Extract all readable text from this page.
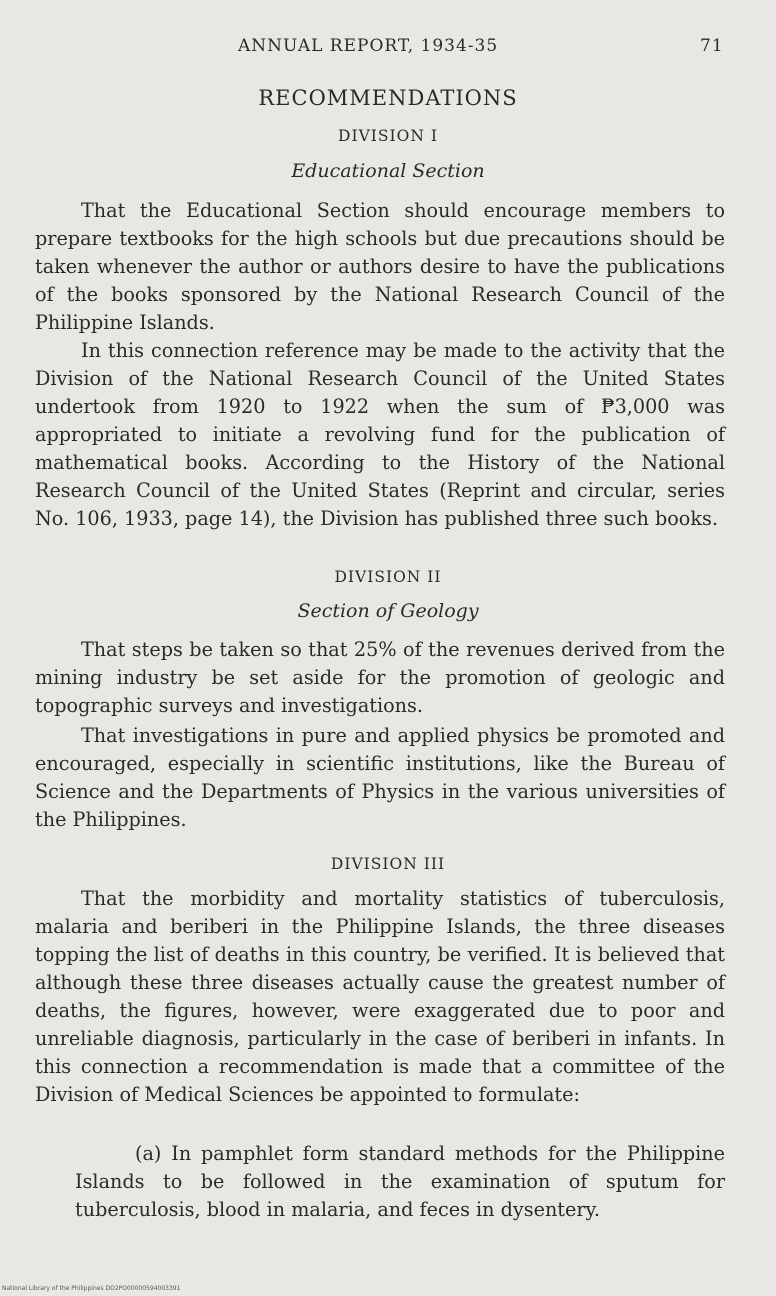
ANNUAL REPORT, 1934-35	71
RECOMMENDATIONS
DIVISION I
Educational Section

That the Educational Section should encourage members to prepare textbooks for the high schools but due precautions should be taken whenever the author or authors desire to have the publications of the books sponsored by the National Research Council of the Philippine Islands.

In this connection reference may be made to the activity that the Division of the National Research Council of the United States undertook from 1920 to 1922 when the sum of ₱3,000 was appropriated to initiate a revolving fund for the publication of mathematical books. According to the History of the National Research Council of the United States (Reprint and circular, series No. 106, 1933, page 14), the Division has published three such books.

DIVISION II
Section of Geology

That steps be taken so that 25% of the revenues derived from the mining industry be set aside for the promotion of geologic and topographic surveys and investigations.

That investigations in pure and applied physics be promoted and encouraged, especially in scientific institutions, like the Bureau of Science and the Departments of Physics in the various universities of the Philippines.

DIVISION III

That the morbidity and mortality statistics of tuberculosis, malaria and beriberi in the Philippine Islands, the three diseases topping the list of deaths in this country, be verified. It is believed that although these three diseases actually cause the greatest number of deaths, the figures, however, were exaggerated due to poor and unreliable diagnosis, particularly in the case of beriberi in infants. In this connection a recommendation is made that a committee of the Division of Medical Sciences be appointed to formulate:

(a) In pamphlet form standard methods for the Philippine Islands to be followed in the examination of sputum for tuberculosis, blood in malaria, and feces in dysentery.

National Library of the Philippines DO2PO00000594003391
